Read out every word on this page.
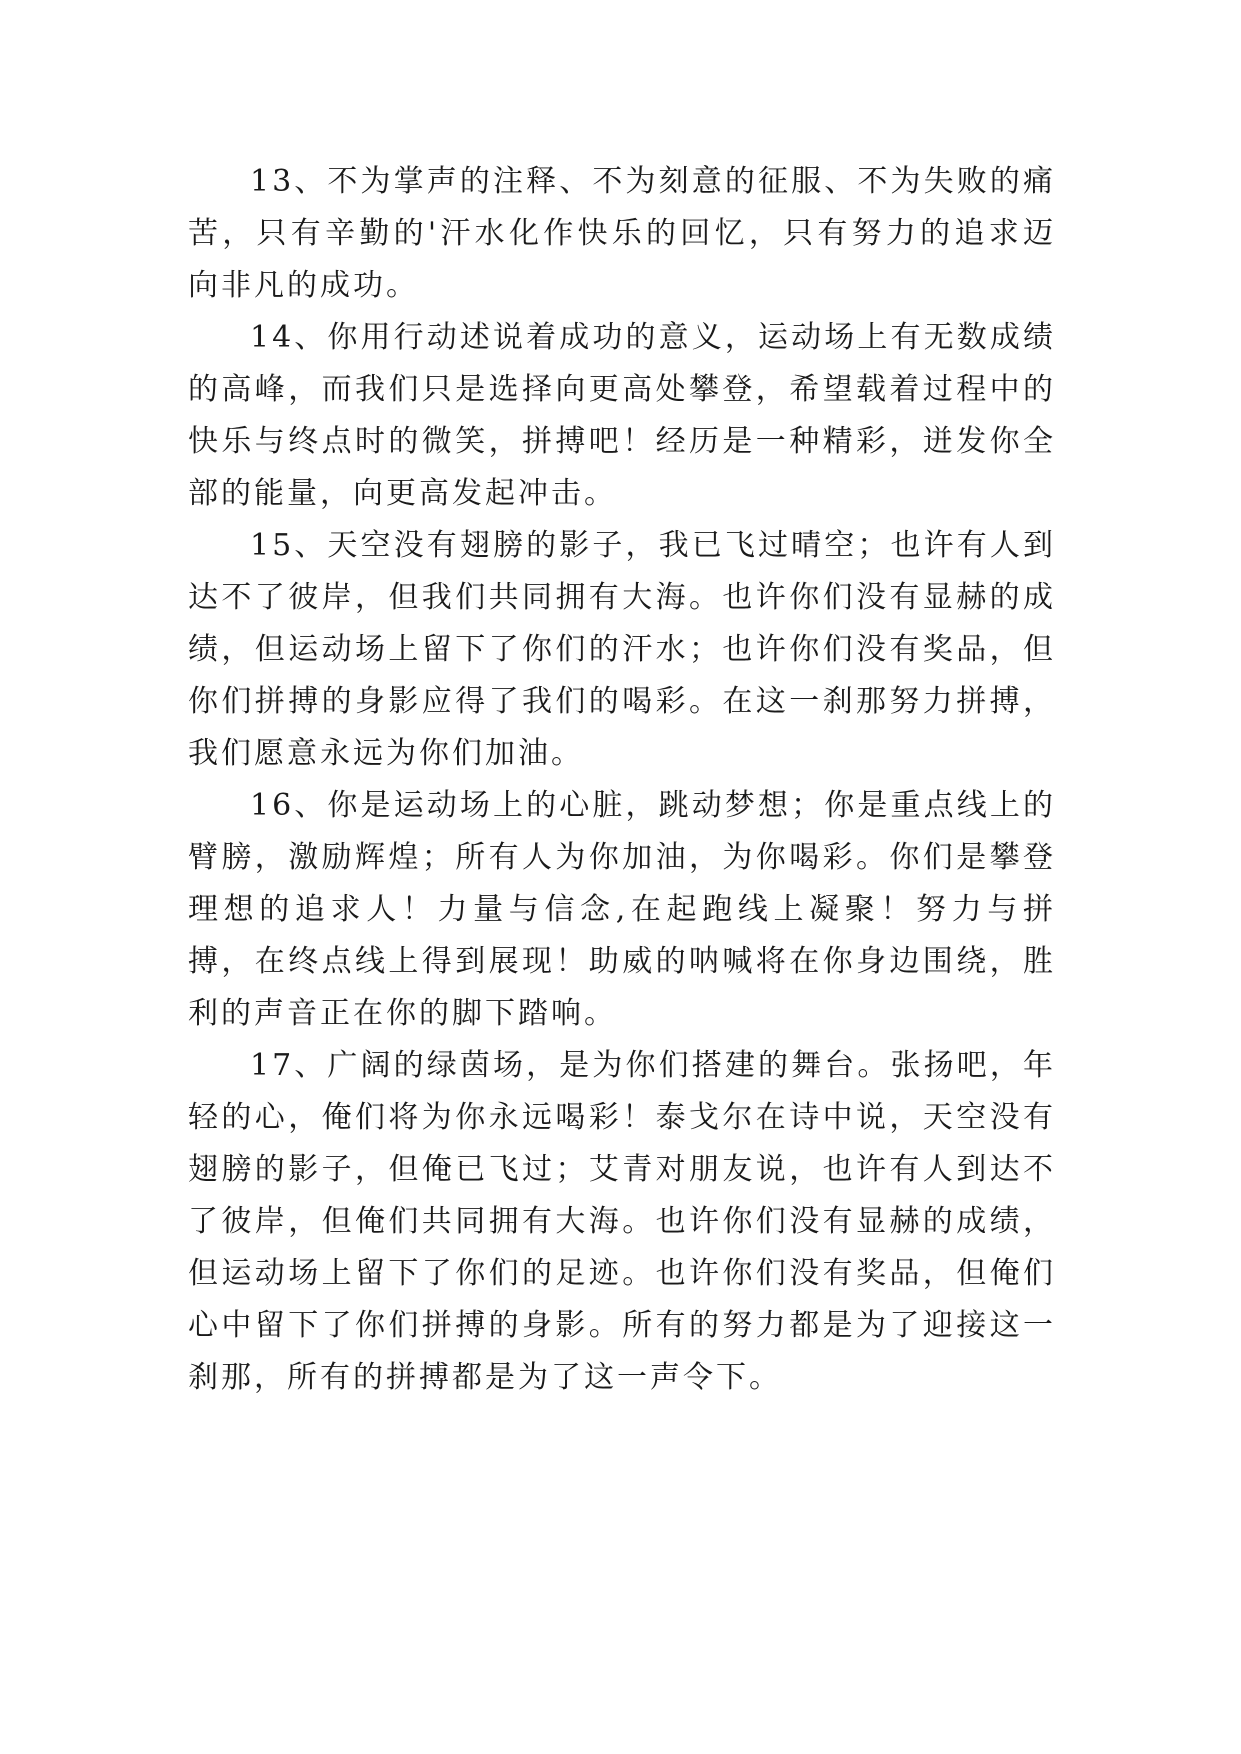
13、不为掌声的注释、不为刻意的征服、不为失败的痛苦，只有辛勤的'汗水化作快乐的回忆，只有努力的追求迈向非凡的成功。

14、你用行动述说着成功的意义，运动场上有无数成绩的高峰，而我们只是选择向更高处攀登，希望载着过程中的快乐与终点时的微笑，拼搏吧！经历是一种精彩，迸发你全部的能量，向更高发起冲击。

15、天空没有翅膀的影子，我已飞过晴空；也许有人到达不了彼岸，但我们共同拥有大海。也许你们没有显赫的成绩，但运动场上留下了你们的汗水；也许你们没有奖品，但你们拼搏的身影应得了我们的喝彩。在这一刹那努力拼搏，我们愿意永远为你们加油。

16、你是运动场上的心脏，跳动梦想；你是重点线上的臂膀，激励辉煌；所有人为你加油，为你喝彩。你们是攀登理想的追求人！力量与信念,在起跑线上凝聚！努力与拼搏，在终点线上得到展现！助威的呐喊将在你身边围绕，胜利的声音正在你的脚下踏响。

17、广阔的绿茵场，是为你们搭建的舞台。张扬吧，年轻的心，俺们将为你永远喝彩！泰戈尔在诗中说，天空没有翅膀的影子，但俺已飞过；艾青对朋友说，也许有人到达不了彼岸，但俺们共同拥有大海。也许你们没有显赫的成绩，但运动场上留下了你们的足迹。也许你们没有奖品，但俺们心中留下了你们拼搏的身影。所有的努力都是为了迎接这一刹那，所有的拼搏都是为了这一声令下。
